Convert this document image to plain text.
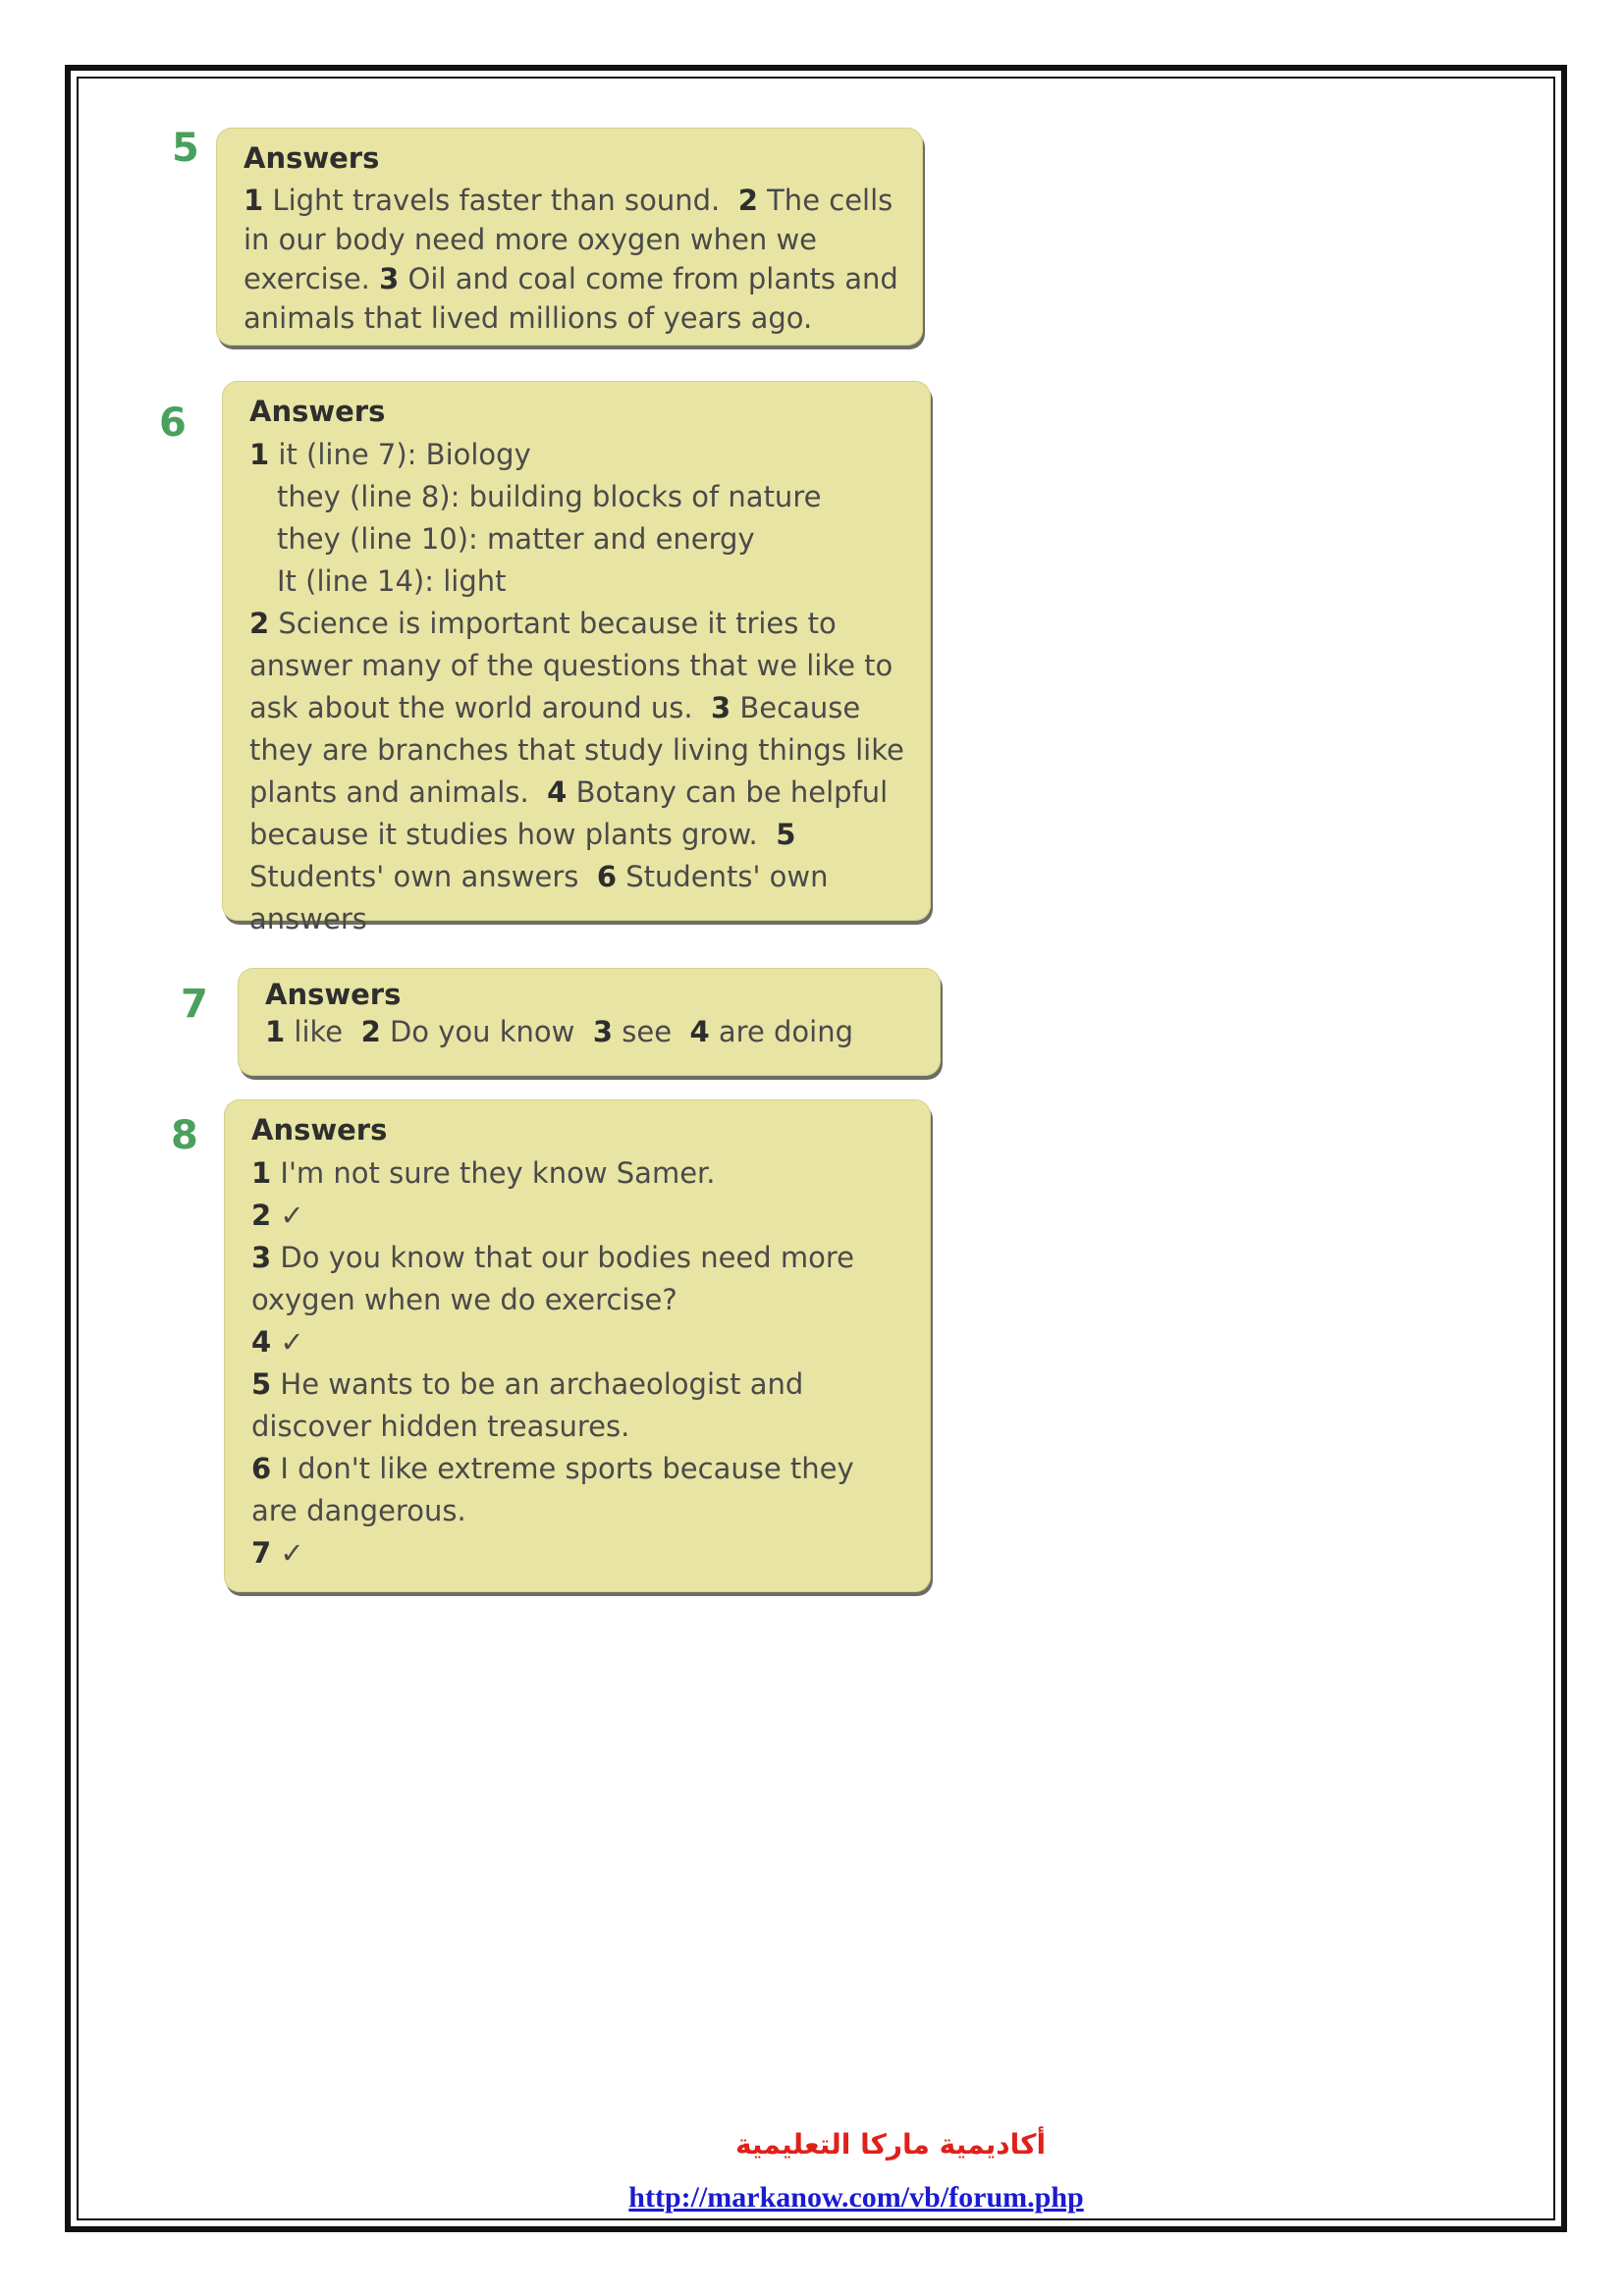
5 Answers

1 Light travels faster than sound. 2 The cells in our body need more oxygen when we exercise. 3 Oil and coal come from plants and animals that lived millions of years ago.

6 Answers

1 it (line 7): Biology
they (line 8): building blocks of nature
they (line 10): matter and energy
It (line 14): light
2 Science is important because it tries to answer many of the questions that we like to ask about the world around us. 3 Because they are branches that study living things like plants and animals. 4 Botany can be helpful because it studies how plants grow. 5 Students' own answers 6 Students' own answers

7 Answers

1 like 2 Do you know 3 see 4 are doing

8 Answers

1 I'm not sure they know Samer.
2 ✓
3 Do you know that our bodies need more oxygen when we do exercise?
4 ✓
5 He wants to be an archaeologist and discover hidden treasures.
6 I don't like extreme sports because they are dangerous.
7 ✓

أكاديمية ماركا التعليمية
http://markanow.com/vb/forum.php
